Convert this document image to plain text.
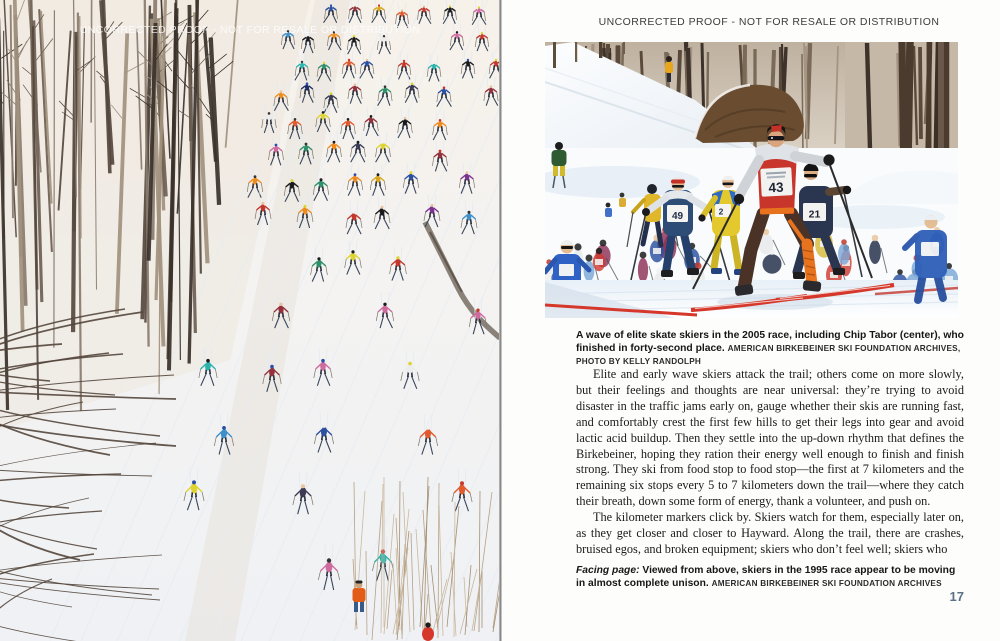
UNCORRECTED PROOF - NOT FOR RESALE OR DISTRIBUTION
UNCORRECTED PROOF - NOT FOR RESALE OR DISTRIBUTION
49	2	21
43
A wave of elite skate skiers in the 2005 race, including Chip Tabor (center), who finished in forty-second place. AMERICAN BIRKEBEINER SKI FOUNDATION ARCHIVES, PHOTO BY KELLY RANDOLPH

Elite and early wave skiers attack the trail; others come on more slowly, but their feelings and thoughts are near universal: they’re trying to avoid disaster in the traffic jams early on, gauge whether their skis are running fast, and comfortably crest the first few hills to get their legs into gear and avoid lactic acid buildup. Then they settle into the up-down rhythm that defines the Birkebeiner, hoping they ration their energy well enough to finish and finish strong. They ski from food stop to food stop—the first at 7 kilometers and the remaining six stops every 5 to 7 kilometers down the trail—where they catch their breath, down some form of energy, thank a volunteer, and push on.

The kilometer markers click by. Skiers watch for them, especially later on, as they get closer and closer to Hayward. Along the trail, there are crashes, bruised egos, and broken equipment; skiers who don’t feel well; skiers who

Facing page: Viewed from above, skiers in the 1995 race appear to be moving in almost complete unison. AMERICAN BIRKEBEINER SKI FOUNDATION ARCHIVES
17
